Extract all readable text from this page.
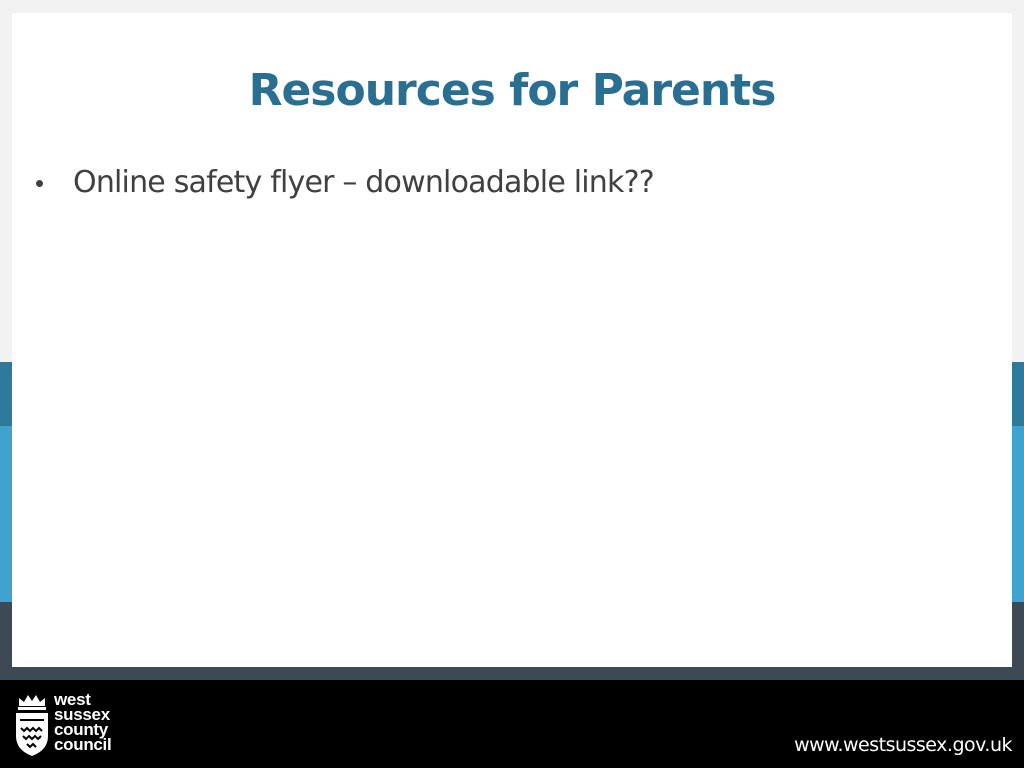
Resources for Parents
Online safety flyer – downloadable link??
west
sussex
county
council	www.westsussex.gov.uk
